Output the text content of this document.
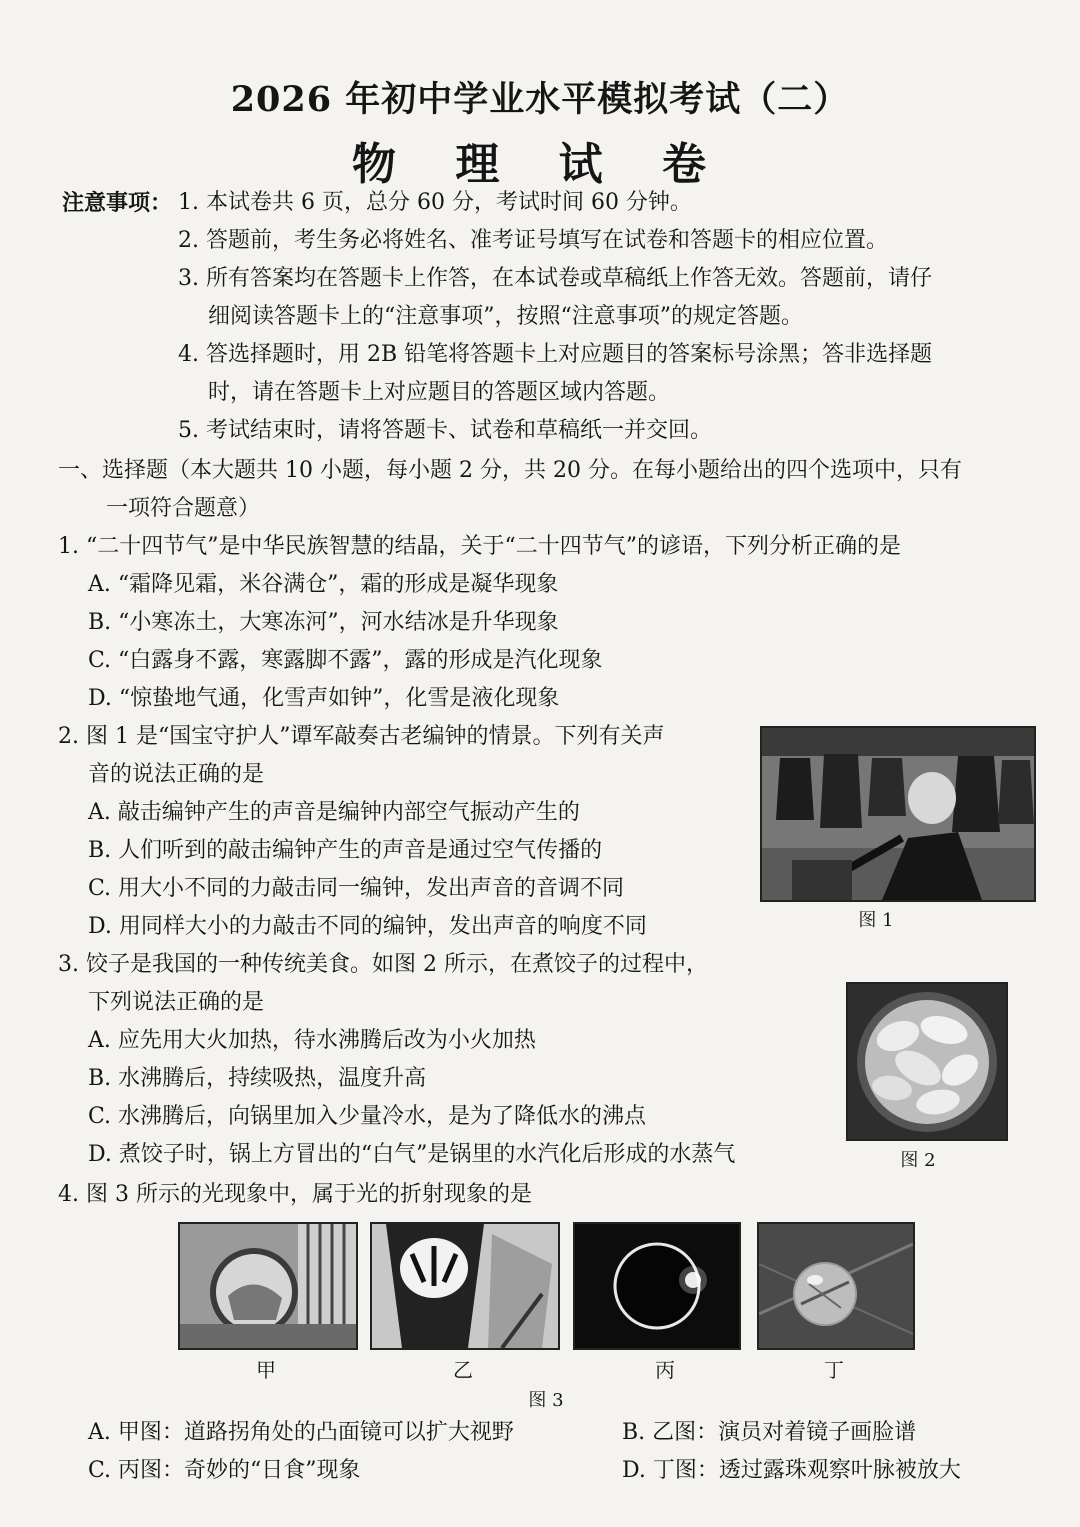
2026 年初中学业水平模拟考试（二）
物 理 试 卷
注意事项： 1. 本试卷共 6 页，总分 60 分，考试时间 60 分钟。
2. 答题前，考生务必将姓名、准考证号填写在试卷和答题卡的相应位置。
3. 所有答案均在答题卡上作答，在本试卷或草稿纸上作答无效。答题前，请仔
细阅读答题卡上的“注意事项”，按照“注意事项”的规定答题。
4. 答选择题时，用 2B 铅笔将答题卡上对应题目的答案标号涂黑；答非选择题
时，请在答题卡上对应题目的答题区域内答题。
5. 考试结束时，请将答题卡、试卷和草稿纸一并交回。
一、选择题（本大题共 10 小题，每小题 2 分，共 20 分。在每小题给出的四个选项中，只有
一项符合题意）
1. “二十四节气”是中华民族智慧的结晶，关于“二十四节气”的谚语，下列分析正确的是
A. “霜降见霜，米谷满仓”，霜的形成是凝华现象
B. “小寒冻土，大寒冻河”，河水结冰是升华现象
C. “白露身不露，寒露脚不露”，露的形成是汽化现象
D. “惊蛰地气通，化雪声如钟”，化雪是液化现象
2. 图 1 是“国宝守护人”谭军敲奏古老编钟的情景。下列有关声
音的说法正确的是
A. 敲击编钟产生的声音是编钟内部空气振动产生的
B. 人们听到的敲击编钟产生的声音是通过空气传播的
C. 用大小不同的力敲击同一编钟，发出声音的音调不同
D. 用同样大小的力敲击不同的编钟，发出声音的响度不同	图 1
3. 饺子是我国的一种传统美食。如图 2 所示，在煮饺子的过程中，
下列说法正确的是
A. 应先用大火加热，待水沸腾后改为小火加热
B. 水沸腾后，持续吸热，温度升高
C. 水沸腾后，向锅里加入少量冷水，是为了降低水的沸点
D. 煮饺子时，锅上方冒出的“白气”是锅里的水汽化后形成的水蒸气	图 2
4. 图 3 所示的光现象中，属于光的折射现象的是
甲	乙	丙	丁
图 3
A. 甲图：道路拐角处的凸面镜可以扩大视野	B. 乙图：演员对着镜子画脸谱
C. 丙图：奇妙的“日食”现象	D. 丁图：透过露珠观察叶脉被放大
